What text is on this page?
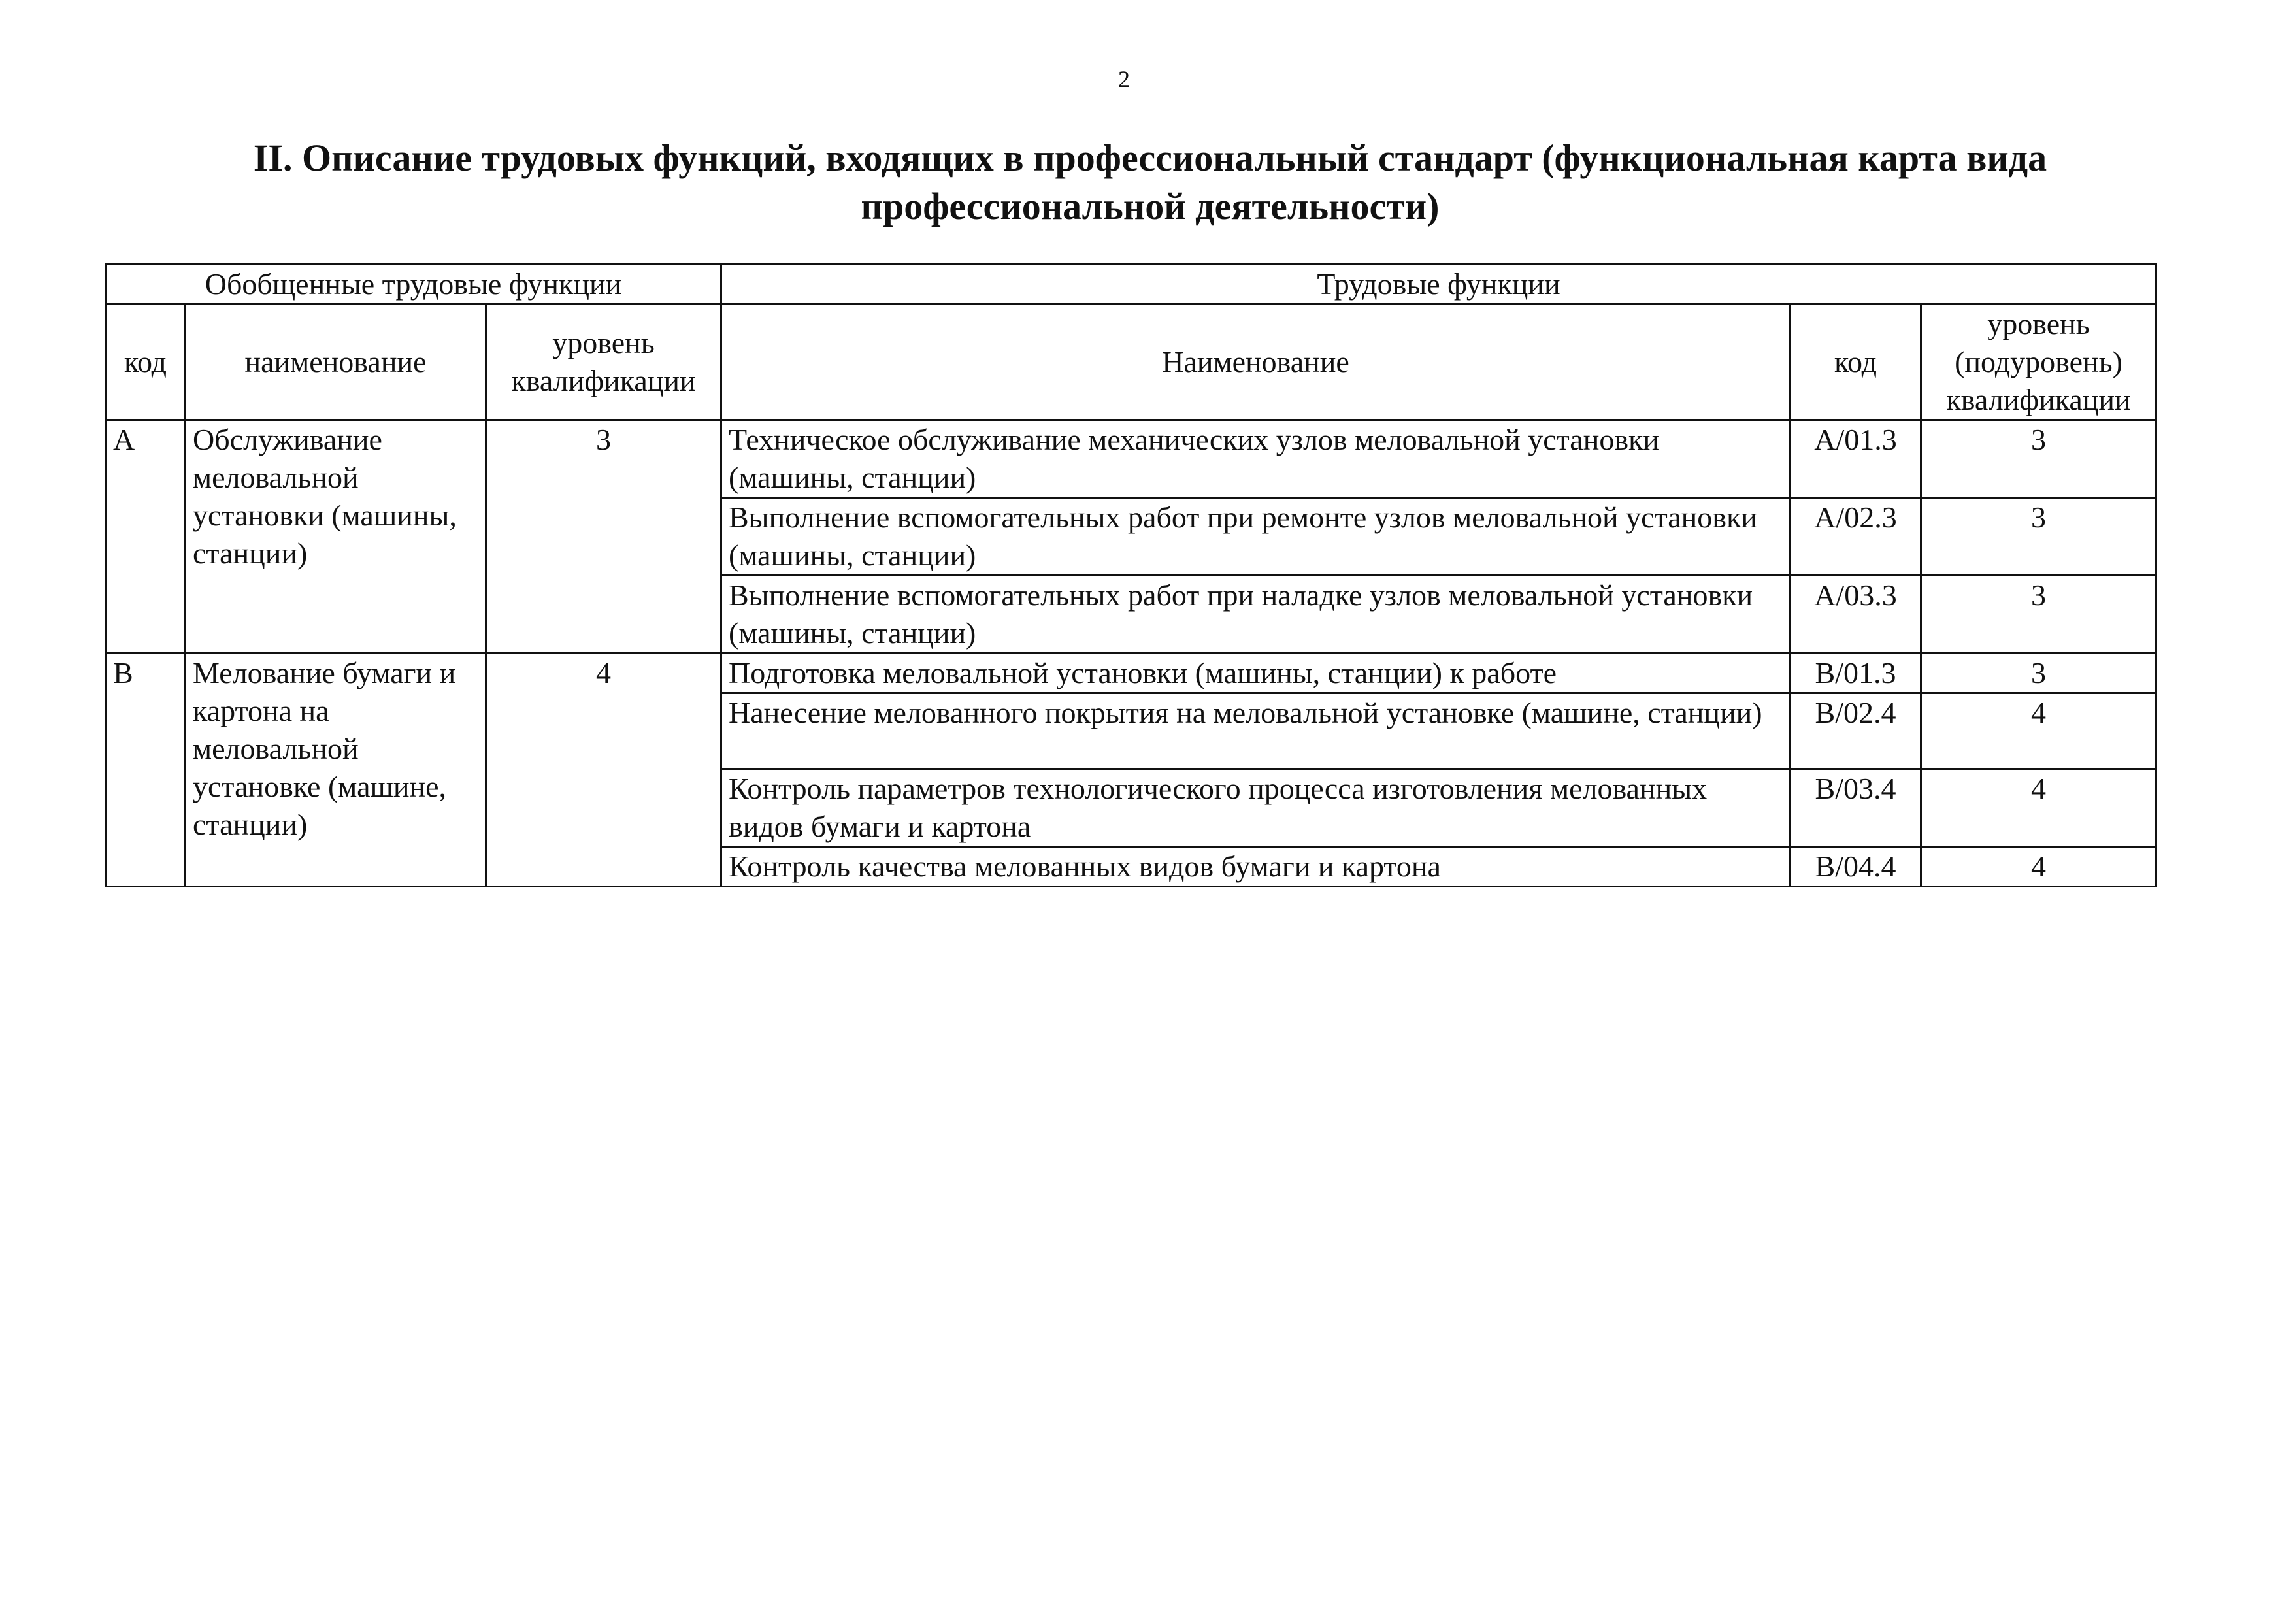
2
II. Описание трудовых функций, входящих в профессиональный стандарт (функциональная карта вида профессиональной деятельности)
Обобщенные трудовые функции			Трудовые функции		
код	наименование	уровень квалификации	Наименование	код	уровень (подуровень) квалификации
A	Обслуживание меловальной установки (машины, станции)	3	Техническое обслуживание механических узлов меловальной установки (машины, станции)	A/01.3	3
			Выполнение вспомогательных работ при ремонте узлов меловальной установки (машины, станции)	A/02.3	3
			Выполнение вспомогательных работ при наладке узлов меловальной установки (машины, станции)	A/03.3	3
B	Мелование бумаги и картона на меловальной установке (машине, станции)	4	Подготовка меловальной установки (машины, станции) к работе	B/01.3	3
			Нанесение мелованного покрытия на меловальной установке (машине, станции)	B/02.4	4
			Контроль параметров технологического процесса изготовления мелованных видов бумаги и картона	B/03.4	4
			Контроль качества мелованных видов бумаги и картона	B/04.4	4
